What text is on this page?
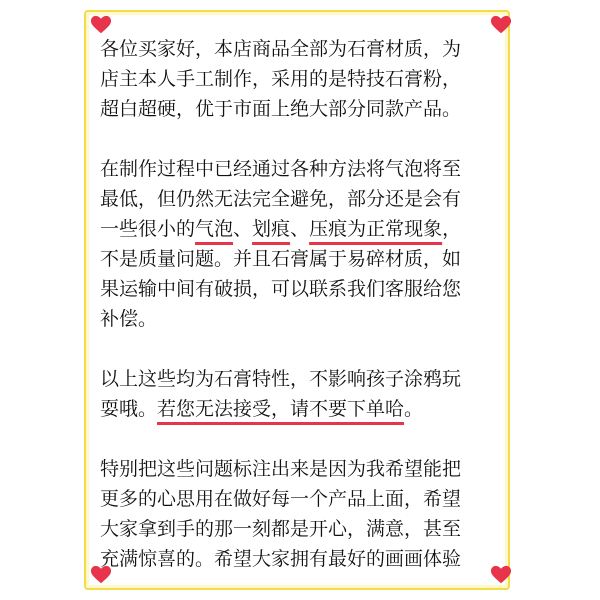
各位买家好，本店商品全部为石膏材质，为
店主本人手工制作，采用的是特技石膏粉，
超白超硬，优于市面上绝大部分同款产品。

在制作过程中已经通过各种方法将气泡将至
最低，但仍然无法完全避免，部分还是会有
一些很小的气泡、划痕、压痕为正常现象，
不是质量问题。并且石膏属于易碎材质，如
果运输中间有破损，可以联系我们客服给您
补偿。

以上这些均为石膏特性，不影响孩子涂鸦玩
耍哦。若您无法接受，请不要下单哈。

特别把这些问题标注出来是因为我希望能把
更多的心思用在做好每一个产品上面，希望
大家拿到手的那一刻都是开心，满意，甚至
充满惊喜的。希望大家拥有最好的画画体验
